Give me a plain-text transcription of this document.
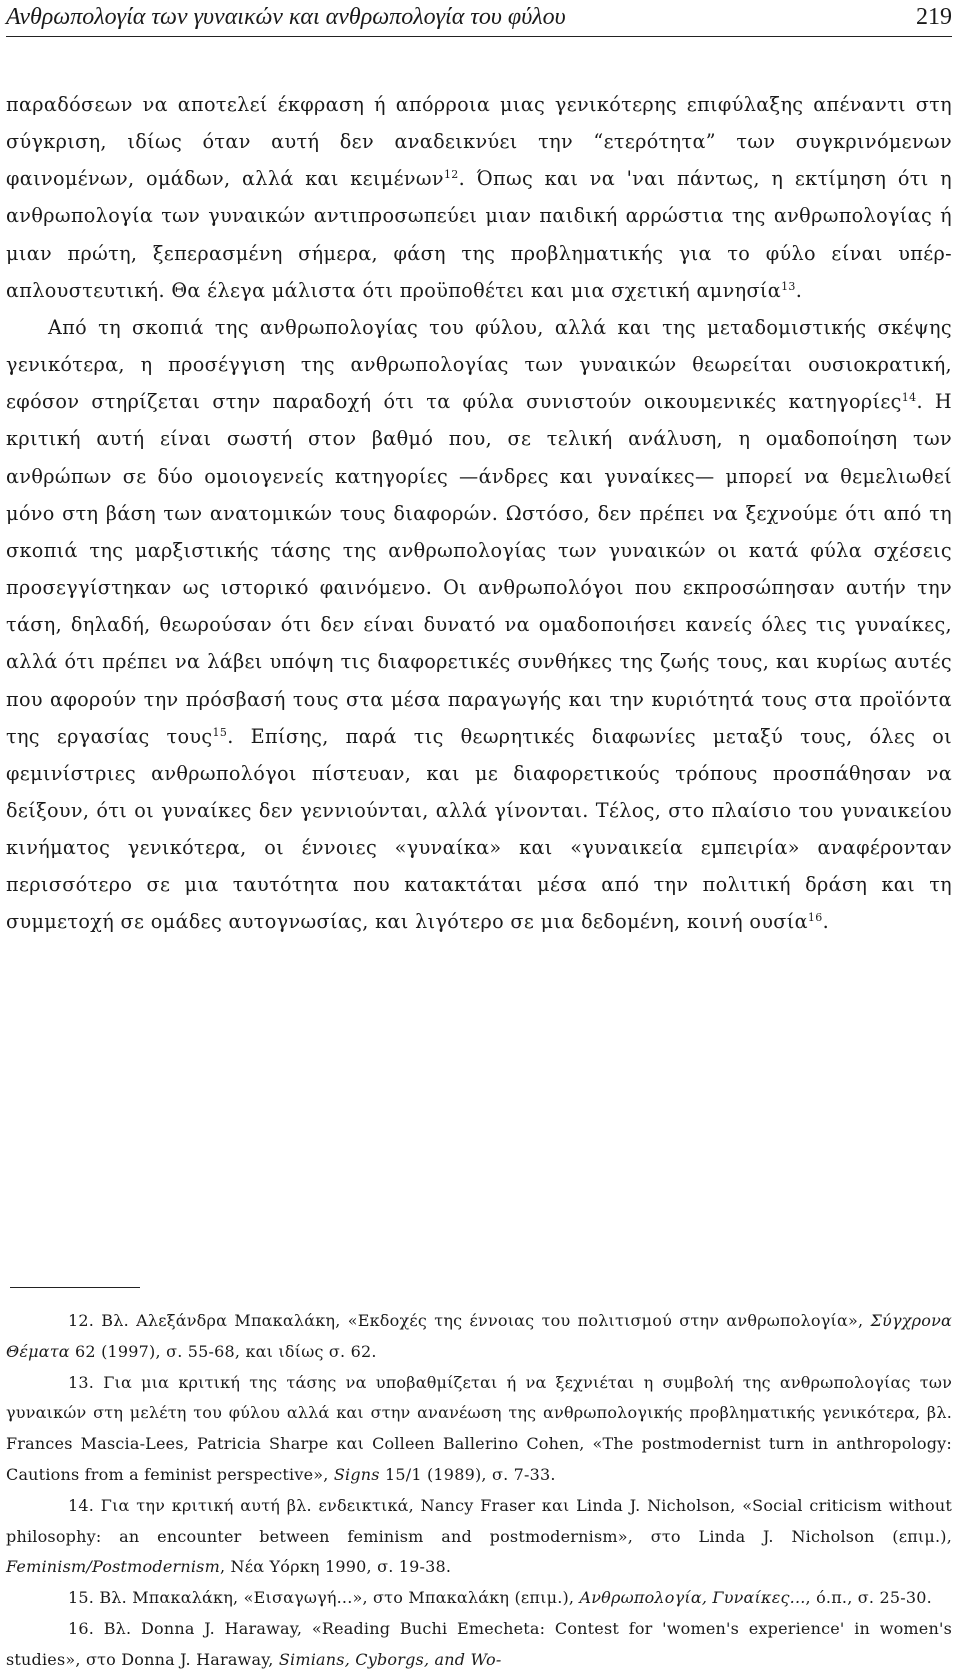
Ανθρωπολογία των γυναικών και ανθρωπολογία του φύλου	219

παραδόσεων να αποτελεί έκφραση ή απόρροια μιας γενικότερης επιφύλαξης απέναντι στη σύγκριση, ιδίως όταν αυτή δεν αναδεικνύει την “ετερότητα” των συγκρινόμενων φαινομένων, ομάδων, αλλά και κειμένων$^{12}$. Όπως και να 'ναι πάντως, η εκτίμηση ότι η ανθρωπολογία των γυναικών αντιπροσωπεύει μιαν παιδική αρρώστια της ανθρωπολογίας ή μιαν πρώτη, ξεπερασμένη σήμερα, φάση της προβληματικής για το φύλο είναι υπέρ-απλουστευτική. Θα έλεγα μάλιστα ότι προϋποθέτει και μια σχετική αμνησία$^{13}$.

Από τη σκοπιά της ανθρωπολογίας του φύλου, αλλά και της μεταδομιστικής σκέψης γενικότερα, η προσέγγιση της ανθρωπολογίας των γυναικών θεωρείται ουσιοκρατική, εφόσον στηρίζεται στην παραδοχή ότι τα φύλα συνιστούν οικουμενικές κατηγορίες$^{14}$. Η κριτική αυτή είναι σωστή στον βαθμό που, σε τελική ανάλυση, η ομαδοποίηση των ανθρώπων σε δύο ομοιογενείς κατηγορίες —άνδρες και γυναίκες— μπορεί να θεμελιωθεί μόνο στη βάση των ανατομικών τους διαφορών. Ωστόσο, δεν πρέπει να ξεχνούμε ότι από τη σκοπιά της μαρξιστικής τάσης της ανθρωπολογίας των γυναικών οι κατά φύλα σχέσεις προσεγγίστηκαν ως ιστορικό φαινόμενο. Οι ανθρωπολόγοι που εκπροσώπησαν αυτήν την τάση, δηλαδή, θεωρούσαν ότι δεν είναι δυνατό να ομαδοποιήσει κανείς όλες τις γυναίκες, αλλά ότι πρέπει να λάβει υπόψη τις διαφορετικές συνθήκες της ζωής τους, και κυρίως αυτές που αφορούν την πρόσβασή τους στα μέσα παραγωγής και την κυριότητά τους στα προϊόντα της εργασίας τους$^{15}$. Επίσης, παρά τις θεωρητικές διαφωνίες μεταξύ τους, όλες οι φεμινίστριες ανθρωπολόγοι πίστευαν, και με διαφορετικούς τρόπους προσπάθησαν να δείξουν, ότι οι γυναίκες δεν γεννιούνται, αλλά γίνονται. Τέλος, στο πλαίσιο του γυναικείου κινήματος γενικότερα, οι έννοιες «γυναίκα» και «γυναικεία εμπειρία» αναφέρονταν περισσότερο σε μια ταυτότητα που κατακτάται μέσα από την πολιτική δράση και τη συμμετοχή σε ομάδες αυτογνωσίας, και λιγότερο σε μια δεδομένη, κοινή ουσία$^{16}$.

12. Βλ. Αλεξάνδρα Μπακαλάκη, «Εκδοχές της έννοιας του πολιτισμού στην ανθρωπολογία», Σύγχρονα Θέματα 62 (1997), σ. 55-68, και ιδίως σ. 62.

13. Για μια κριτική της τάσης να υποβαθμίζεται ή να ξεχνιέται η συμβολή της ανθρωπολογίας των γυναικών στη μελέτη του φύλου αλλά και στην ανανέωση της ανθρωπολογικής προβληματικής γενικότερα, βλ. Frances Mascia-Lees, Patricia Sharpe και Colleen Ballerino Cohen, «The postmodernist turn in anthropology: Cautions from a feminist perspective», Signs 15/1 (1989), σ. 7-33.

14. Για την κριτική αυτή βλ. ενδεικτικά, Nancy Fraser και Linda J. Nicholson, «Social criticism without philosophy: an encounter between feminism and postmodernism», στο Linda J. Nicholson (επιμ.), Feminism/Postmodernism, Νέα Υόρκη 1990, σ. 19-38.

15. Βλ. Μπακαλάκη, «Εισαγωγή...», στο Μπακαλάκη (επιμ.), Ανθρωπολογία, Γυναίκες..., ό.π., σ. 25-30.

16. Βλ. Donna J. Haraway, «Reading Buchi Emecheta: Contest for 'women's experience' in women's studies», στο Donna J. Haraway, Simians, Cyborgs, and Wo-
